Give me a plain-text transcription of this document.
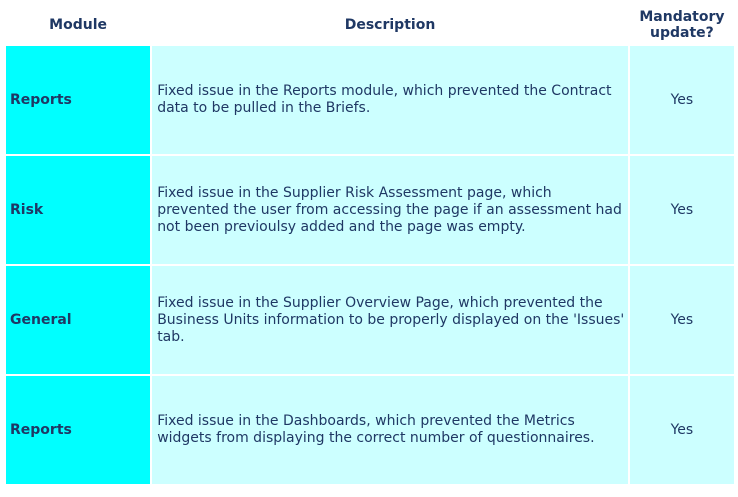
Module	Description	Mandatory
update?
Reports	Fixed issue in the Reports module, which prevented the Contract data to be pulled in the Briefs.	Yes
Risk	Fixed issue in the Supplier Risk Assessment page, which prevented the user from accessing the page if an assessment had not been previoulsy added and the page was empty.	Yes
General	Fixed issue in the Supplier Overview Page, which prevented the Business Units information to be properly displayed on the 'Issues' tab.	Yes
Reports	Fixed issue in the Dashboards, which prevented the Metrics widgets from displaying the correct number of questionnaires.	Yes
